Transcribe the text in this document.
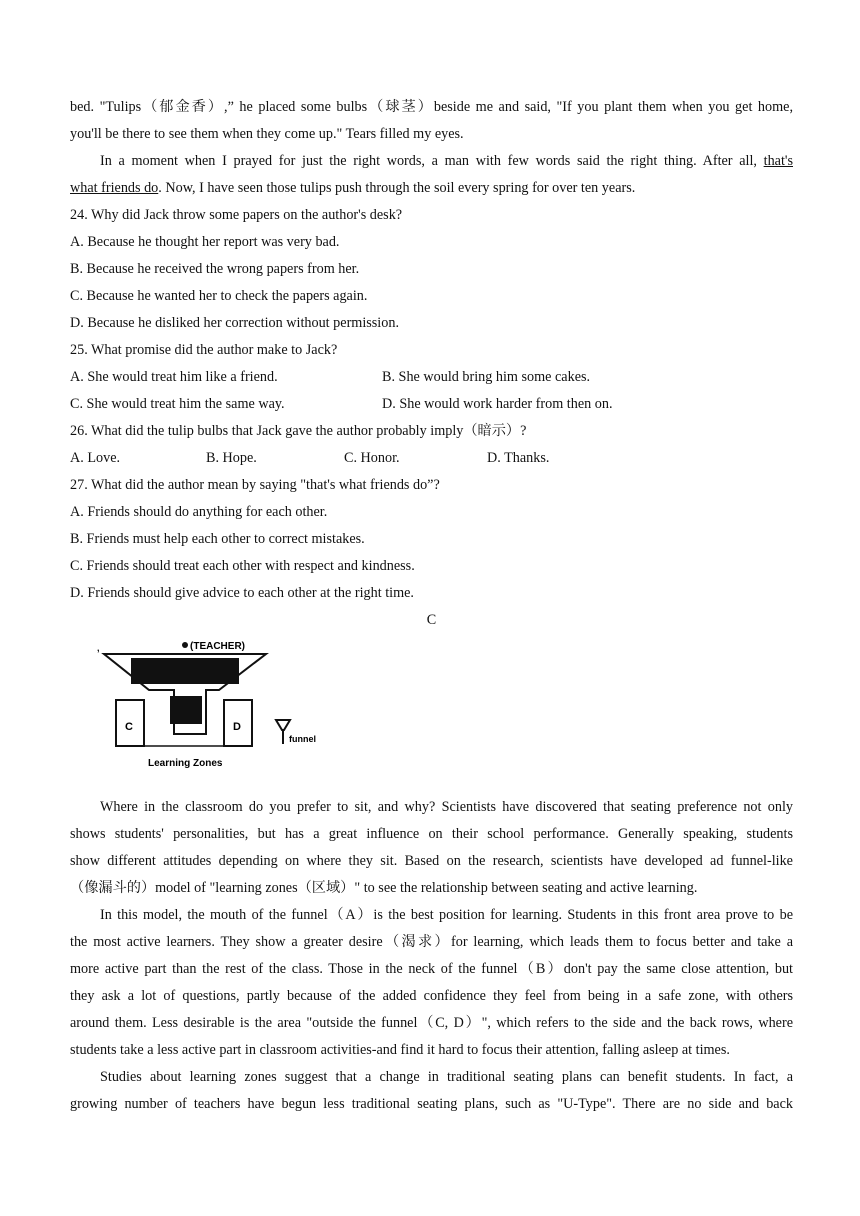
bed. "Tulips（郁金香）,” he placed some bulbs（球茎）beside me and said, "If you plant them when you get home,
you'll be there to see them when they come up." Tears filled my eyes.
In a moment when I prayed for just the right words, a man with few words said the right thing. After all, that's
what friends do. Now, I have seen those tulips push through the soil every spring for over ten years.
24. Why did Jack throw some papers on the author's desk?
A. Because he thought her report was very bad.
B. Because he received the wrong papers from her.
C. Because he wanted her to check the papers again.
D. Because he disliked her correction without permission.
25. What promise did the author make to Jack?
A. She would treat him like a friend.	B. She would bring him some cakes.
C. She would treat him the same way.	D. She would work harder from then on.
26. What did the tulip bulbs that Jack gave the author probably imply（暗示）?
A. Love.	B. Hope.	C. Honor.	D. Thanks.
27. What did the author mean by saying "that's what friends do”?
A. Friends should do anything for each other.
B. Friends must help each other to correct mistakes.
C. Friends should treat each other with respect and kindness.
D. Friends should give advice to each other at the right time.
C
(TEACHER)
,
C	D
funnel
Learning Zones
Where in the classroom do you prefer to sit, and why? Scientists have discovered that seating preference not only
shows students' personalities, but has a great influence on their school performance. Generally speaking, students
show different attitudes depending on where they sit. Based on the research, scientists have developed ad funnel-like
（像漏斗的）model of "learning zones（区域）" to see the relationship between seating and active learning.
In this model, the mouth of the funnel（A）is the best position for learning. Students in this front area prove to be
the most active learners. They show a greater desire（渴求）for learning, which leads them to focus better and take a
more active part than the rest of the class. Those in the neck of the funnel（B）don't pay the same close attention, but
they ask a lot of questions, partly because of the added confidence they feel from being in a safe zone, with others
around them. Less desirable is the area "outside the funnel（C, D）", which refers to the side and the back rows, where
students take a less active part in classroom activities-and find it hard to focus their attention, falling asleep at times.
Studies about learning zones suggest that a change in traditional seating plans can benefit students. In fact, a
growing number of teachers have begun less traditional seating plans, such as "U-Type". There are no side and back
